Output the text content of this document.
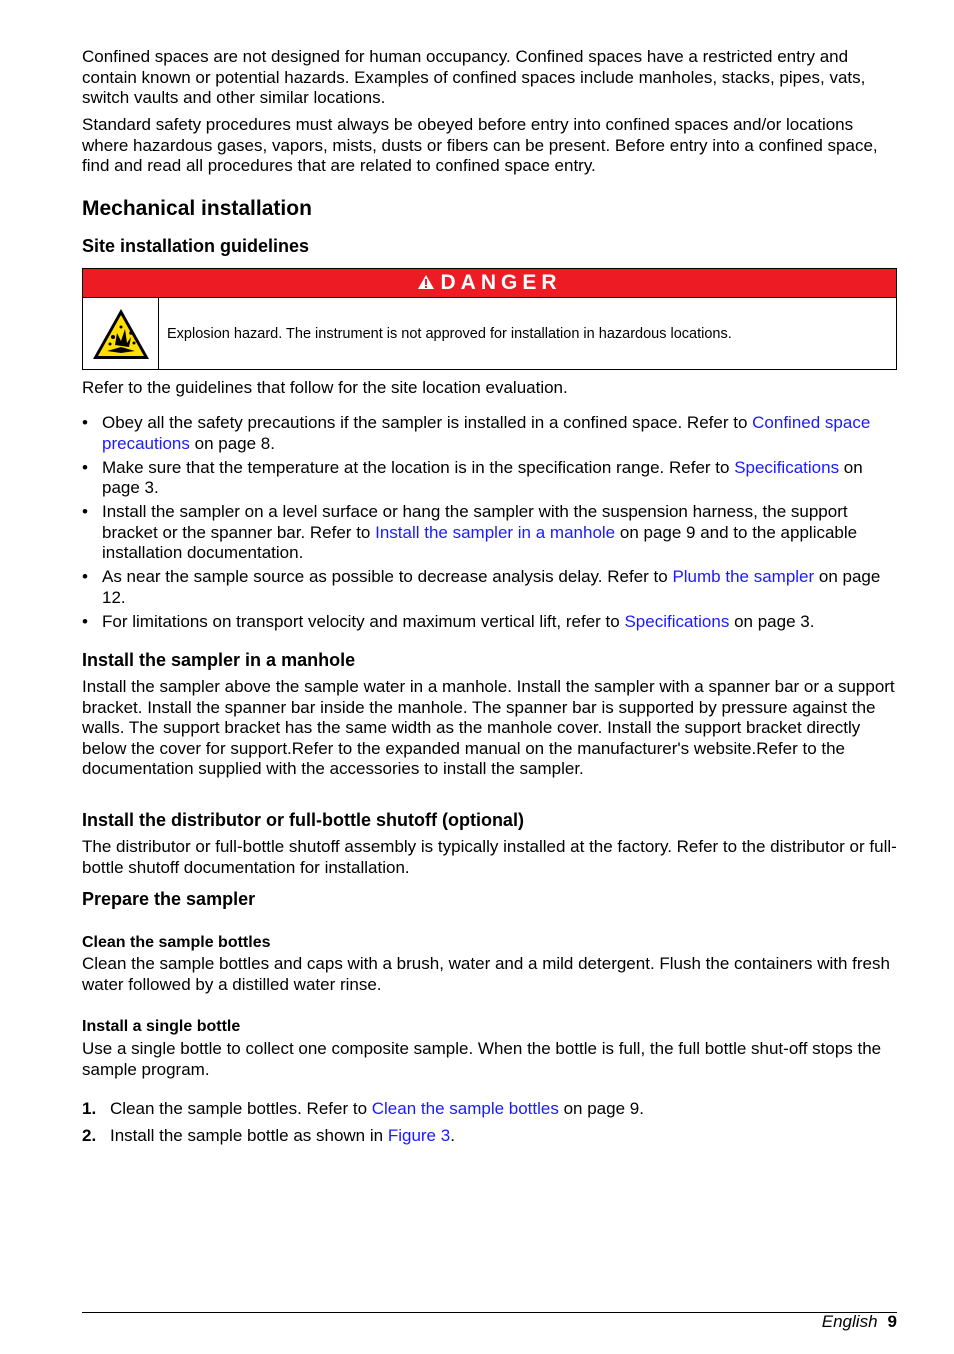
Confined spaces are not designed for human occupancy. Confined spaces have a restricted entry and contain known or potential hazards. Examples of confined spaces include manholes, stacks, pipes, vats, switch vaults and other similar locations.

Standard safety procedures must always be obeyed before entry into confined spaces and/or locations where hazardous gases, vapors, mists, dusts or fibers can be present. Before entry into a confined space, find and read all procedures that are related to confined space entry.

Mechanical installation
Site installation guidelines
DANGER
Explosion hazard. The instrument is not approved for installation in hazardous locations.

Refer to the guidelines that follow for the site location evaluation.

• Obey all the safety precautions if the sampler is installed in a confined space. Refer to Confined space precautions on page 8.
• Make sure that the temperature at the location is in the specification range. Refer to Specifications on page 3.
• Install the sampler on a level surface or hang the sampler with the suspension harness, the support bracket or the spanner bar. Refer to Install the sampler in a manhole on page 9 and to the applicable installation documentation.
• As near the sample source as possible to decrease analysis delay. Refer to Plumb the sampler on page 12.
• For limitations on transport velocity and maximum vertical lift, refer to Specifications on page 3.
Install the sampler in a manhole

Install the sampler above the sample water in a manhole. Install the sampler with a spanner bar or a support bracket. Install the spanner bar inside the manhole. The spanner bar is supported by pressure against the walls. The support bracket has the same width as the manhole cover. Install the support bracket directly below the cover for support.Refer to the expanded manual on the manufacturer's website.Refer to the documentation supplied with the accessories to install the sampler.

Install the distributor or full-bottle shutoff (optional)

The distributor or full-bottle shutoff assembly is typically installed at the factory. Refer to the distributor or full-bottle shutoff documentation for installation.

Prepare the sampler
Clean the sample bottles

Clean the sample bottles and caps with a brush, water and a mild detergent. Flush the containers with fresh water followed by a distilled water rinse.

Install a single bottle

Use a single bottle to collect one composite sample. When the bottle is full, the full bottle shut-off stops the sample program.

1. Clean the sample bottles. Refer to Clean the sample bottles on page 9.
2. Install the sample bottle as shown in Figure 3.
English 9
